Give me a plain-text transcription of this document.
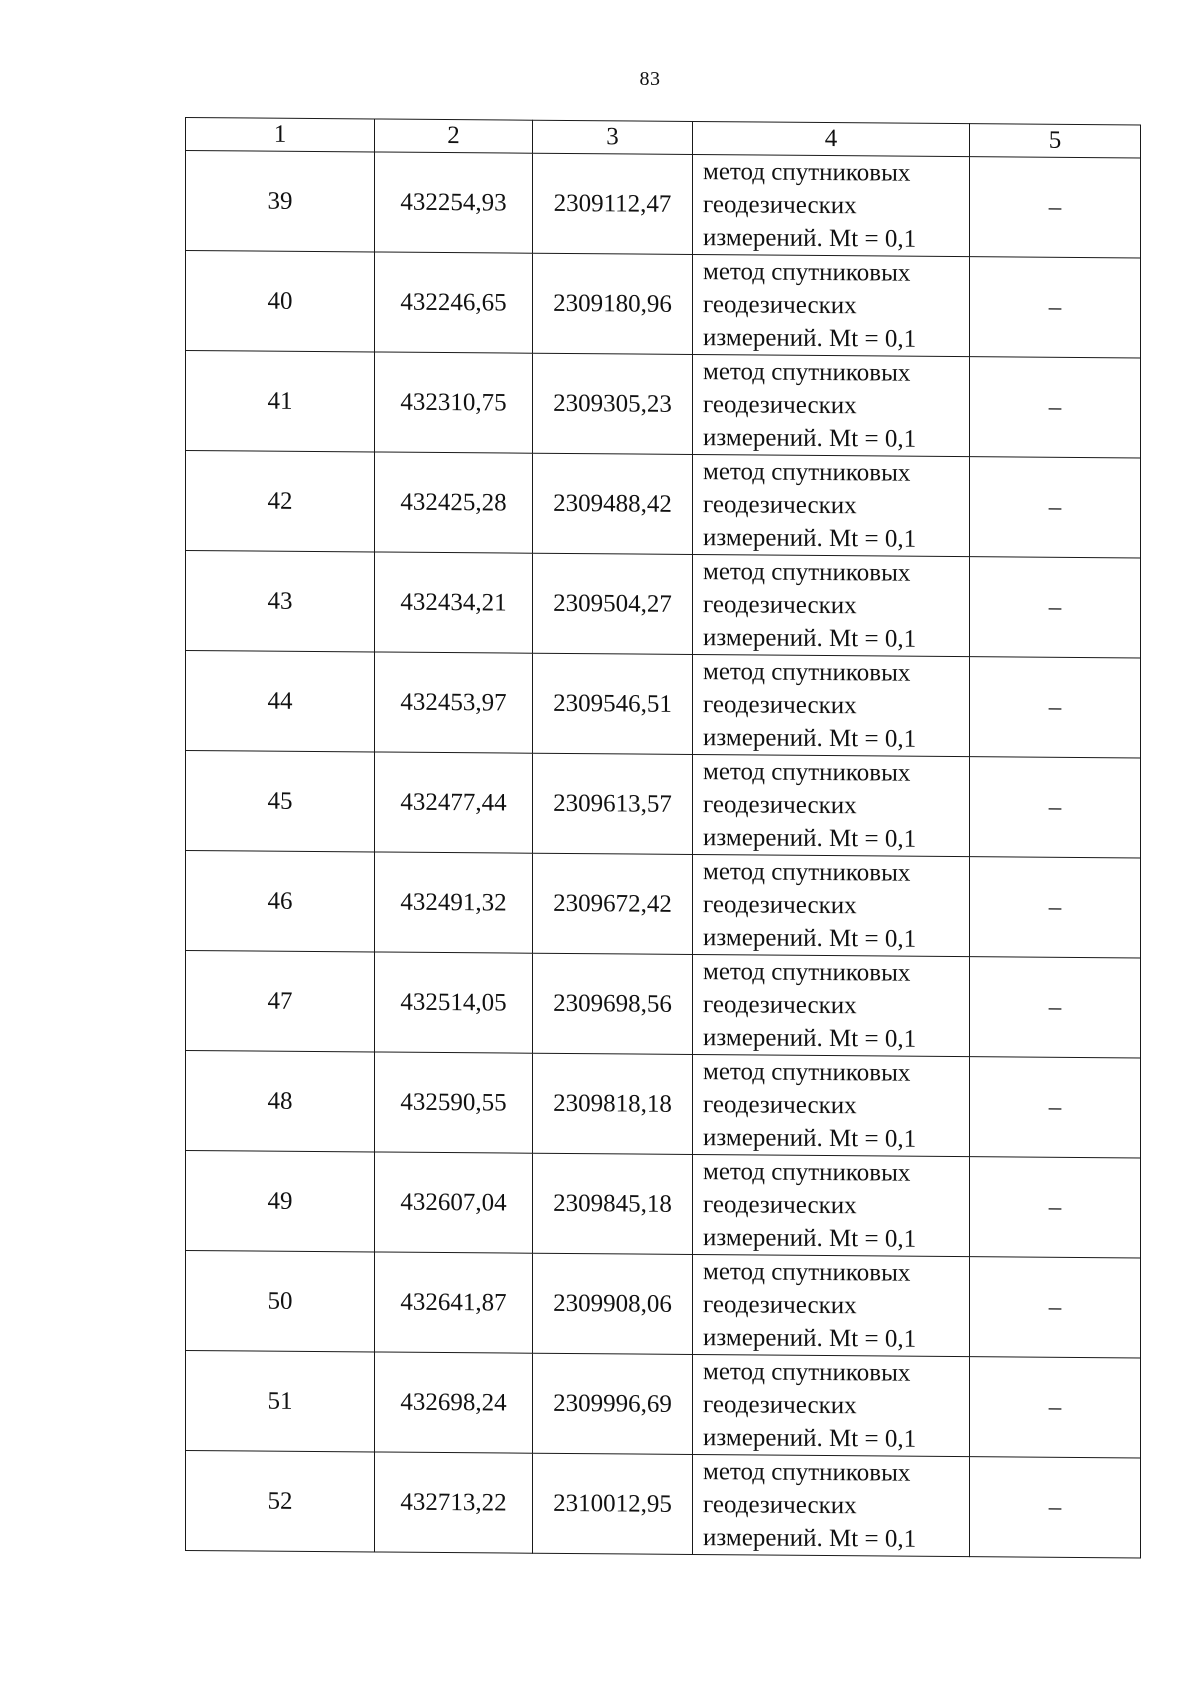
83
1	2	3	4	5
39	432254,93	2309112,47	метод спутниковых
геодезических
измерений. Mt = 0,1	–
40	432246,65	2309180,96	метод спутниковых
геодезических
измерений. Mt = 0,1	–
41	432310,75	2309305,23	метод спутниковых
геодезических
измерений. Mt = 0,1	–
42	432425,28	2309488,42	метод спутниковых
геодезических
измерений. Mt = 0,1	–
43	432434,21	2309504,27	метод спутниковых
геодезических
измерений. Mt = 0,1	–
44	432453,97	2309546,51	метод спутниковых
геодезических
измерений. Mt = 0,1	–
45	432477,44	2309613,57	метод спутниковых
геодезических
измерений. Mt = 0,1	–
46	432491,32	2309672,42	метод спутниковых
геодезических
измерений. Mt = 0,1	–
47	432514,05	2309698,56	метод спутниковых
геодезических
измерений. Mt = 0,1	–
48	432590,55	2309818,18	метод спутниковых
геодезических
измерений. Mt = 0,1	–
49	432607,04	2309845,18	метод спутниковых
геодезических
измерений. Mt = 0,1	–
50	432641,87	2309908,06	метод спутниковых
геодезических
измерений. Mt = 0,1	–
51	432698,24	2309996,69	метод спутниковых
геодезических
измерений. Mt = 0,1	–
52	432713,22	2310012,95	метод спутниковых
геодезических
измерений. Mt = 0,1	–
